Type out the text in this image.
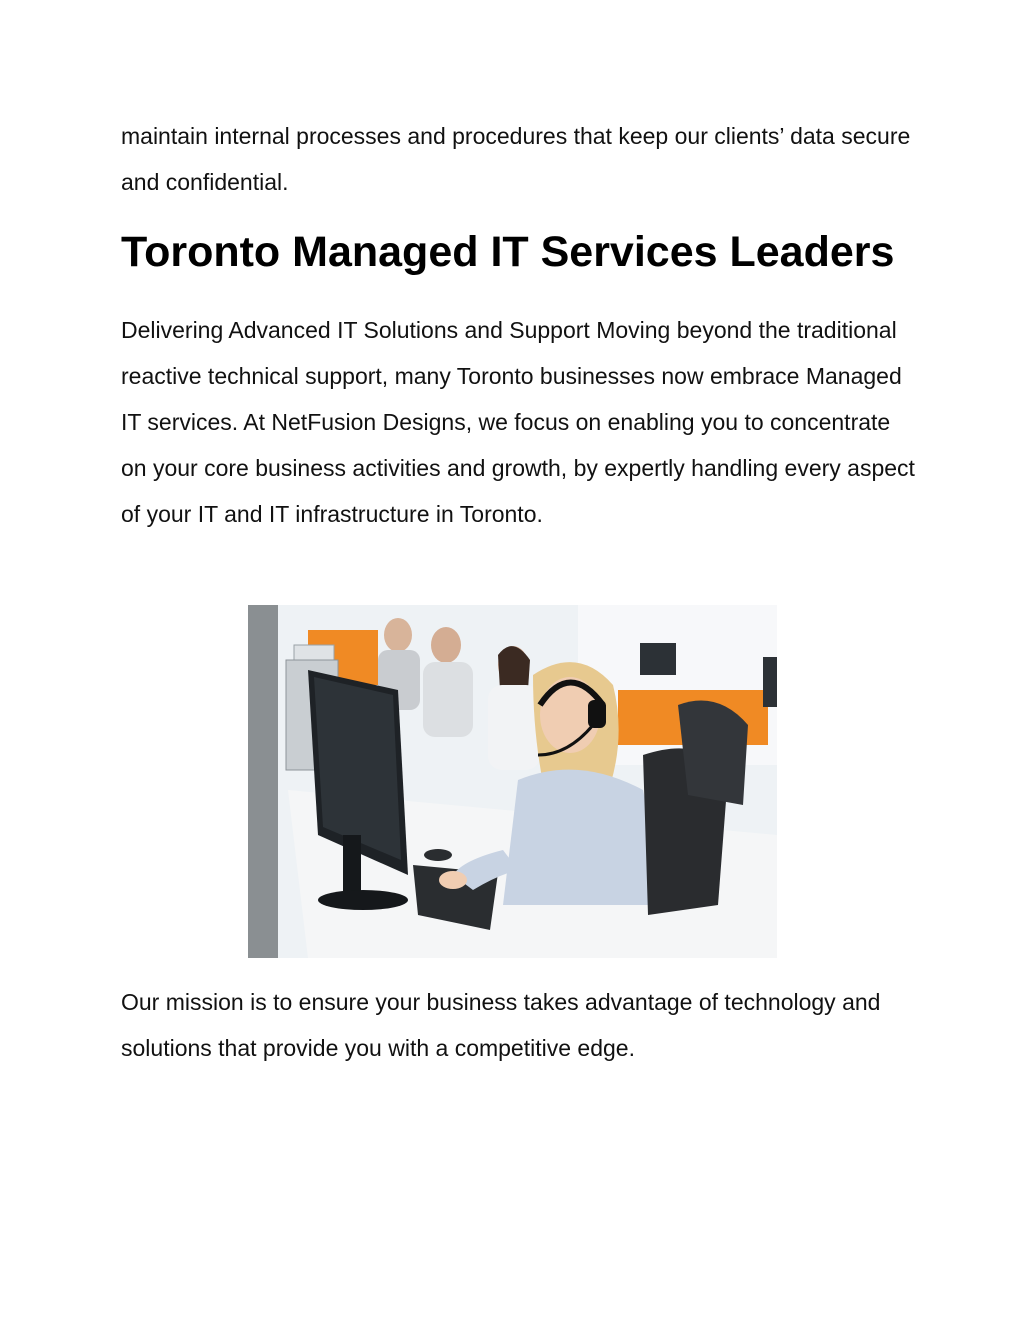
maintain internal processes and procedures that keep our clients’ data secure and confidential.

Toronto Managed IT Services Leaders

Delivering Advanced IT Solutions and Support Moving beyond the traditional reactive technical support, many Toronto businesses now embrace Managed IT services. At NetFusion Designs, we focus on enabling you to concentrate on your core business activities and growth, by expertly handling every aspect of your IT and IT infrastructure in Toronto.

Our mission is to ensure your business takes advantage of technology and solutions that provide you with a competitive edge.
